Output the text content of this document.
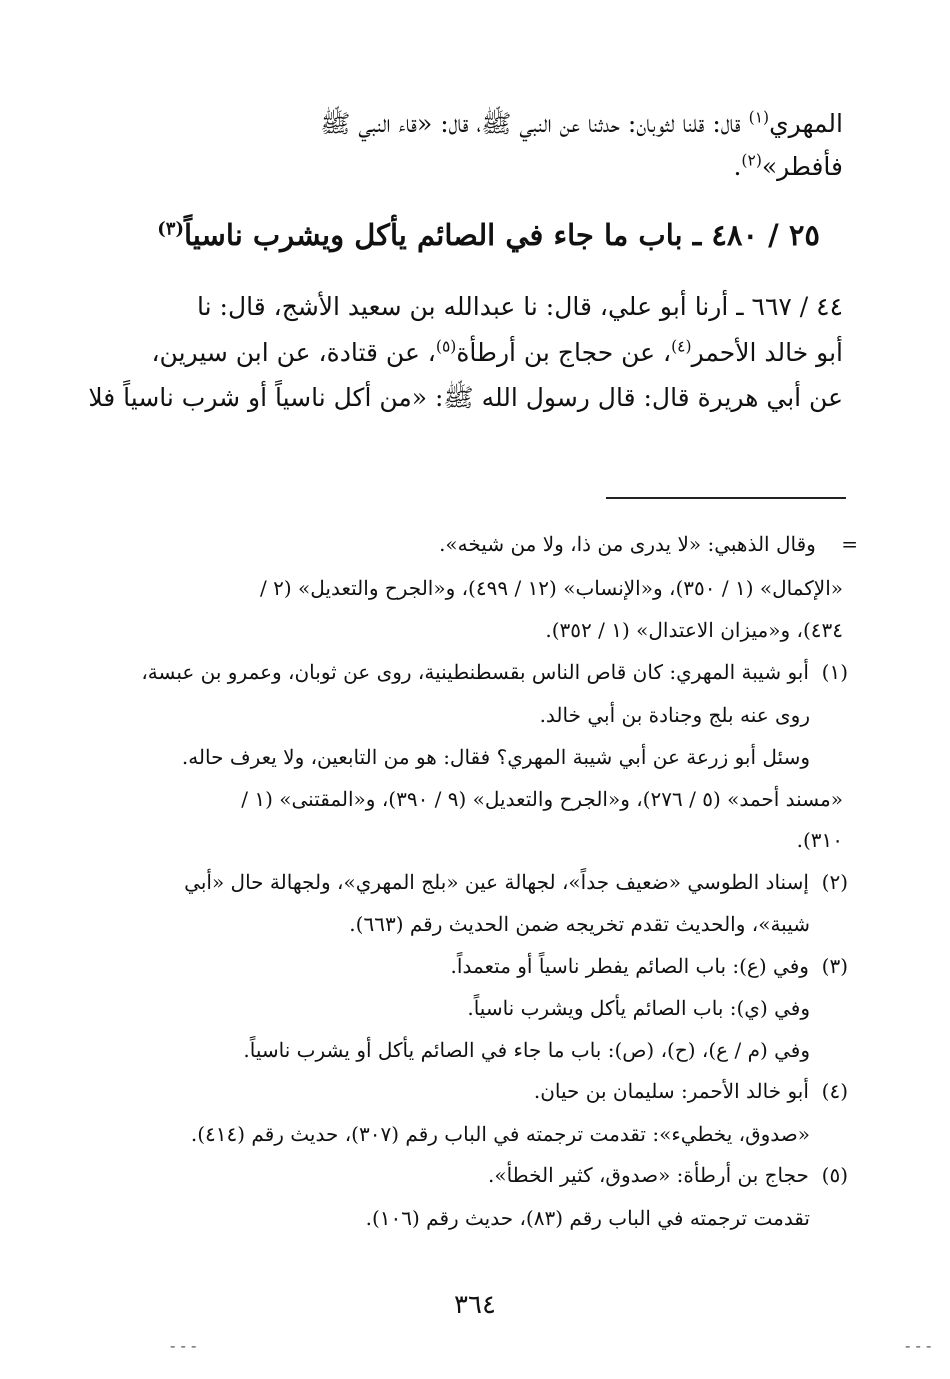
المهري$^{(١)}$ قال: قلنا لثوبان: حدثنا عن النبي ﷺ، قال: «قاء النبي ﷺ
فأفطر»$^{(٢)}$.
٢٥ / ٤٨٠ ـ باب ما جاء في الصائم يأكل ويشرب ناسياً$^{(٣)}$
٤٤ / ٦٦٧ ـ أرنا أبو علي، قال: نا عبدالله بن سعيد الأشج، قال: نا
أبو خالد الأحمر$^{(٤)}$، عن حجاج بن أرطأة$^{(٥)}$، عن قتادة، عن ابن سيرين،
عن أبي هريرة قال: قال رسول الله ﷺ: «من أكل ناسياً أو شرب ناسياً فلا
=    وقال الذهبي: «لا يدرى من ذا، ولا من شيخه».
«الإكمال» (١ / ٣٥٠)، و«الإنساب» (١٢ / ٤٩٩)، و«الجرح والتعديل» (٢ /
٤٣٤)، و«ميزان الاعتدال» (١ / ٣٥٢).
(١)  أبو شيبة المهري: كان قاص الناس بقسطنطينية، روى عن ثوبان، وعمرو بن عبسة،
روى عنه بلج وجنادة بن أبي خالد.
وسئل أبو زرعة عن أبي شيبة المهري؟ فقال: هو من التابعين، ولا يعرف حاله.
«مسند أحمد» (٥ / ٢٧٦)، و«الجرح والتعديل» (٩ / ٣٩٠)، و«المقتنى» (١ /
٣١٠).
(٢)  إسناد الطوسي «ضعيف جداً»، لجهالة عين «بلج المهري»، ولجهالة حال «أبي
شيبة»، والحديث تقدم تخريجه ضمن الحديث رقم (٦٦٣).
(٣)  وفي (ع): باب الصائم يفطر ناسياً أو متعمداً.
وفي (ي): باب الصائم يأكل ويشرب ناسياً.
وفي (م / ع)، (ح)، (ص): باب ما جاء في الصائم يأكل أو يشرب ناسياً.
(٤)  أبو خالد الأحمر: سليمان بن حيان.
«صدوق، يخطيء»: تقدمت ترجمته في الباب رقم (٣٠٧)، حديث رقم (٤١٤).
(٥)  حجاج بن أرطأة: «صدوق، كثير الخطأ».
تقدمت ترجمته في الباب رقم (٨٣)، حديث رقم (١٠٦).
٣٦٤
- - -	- - -
